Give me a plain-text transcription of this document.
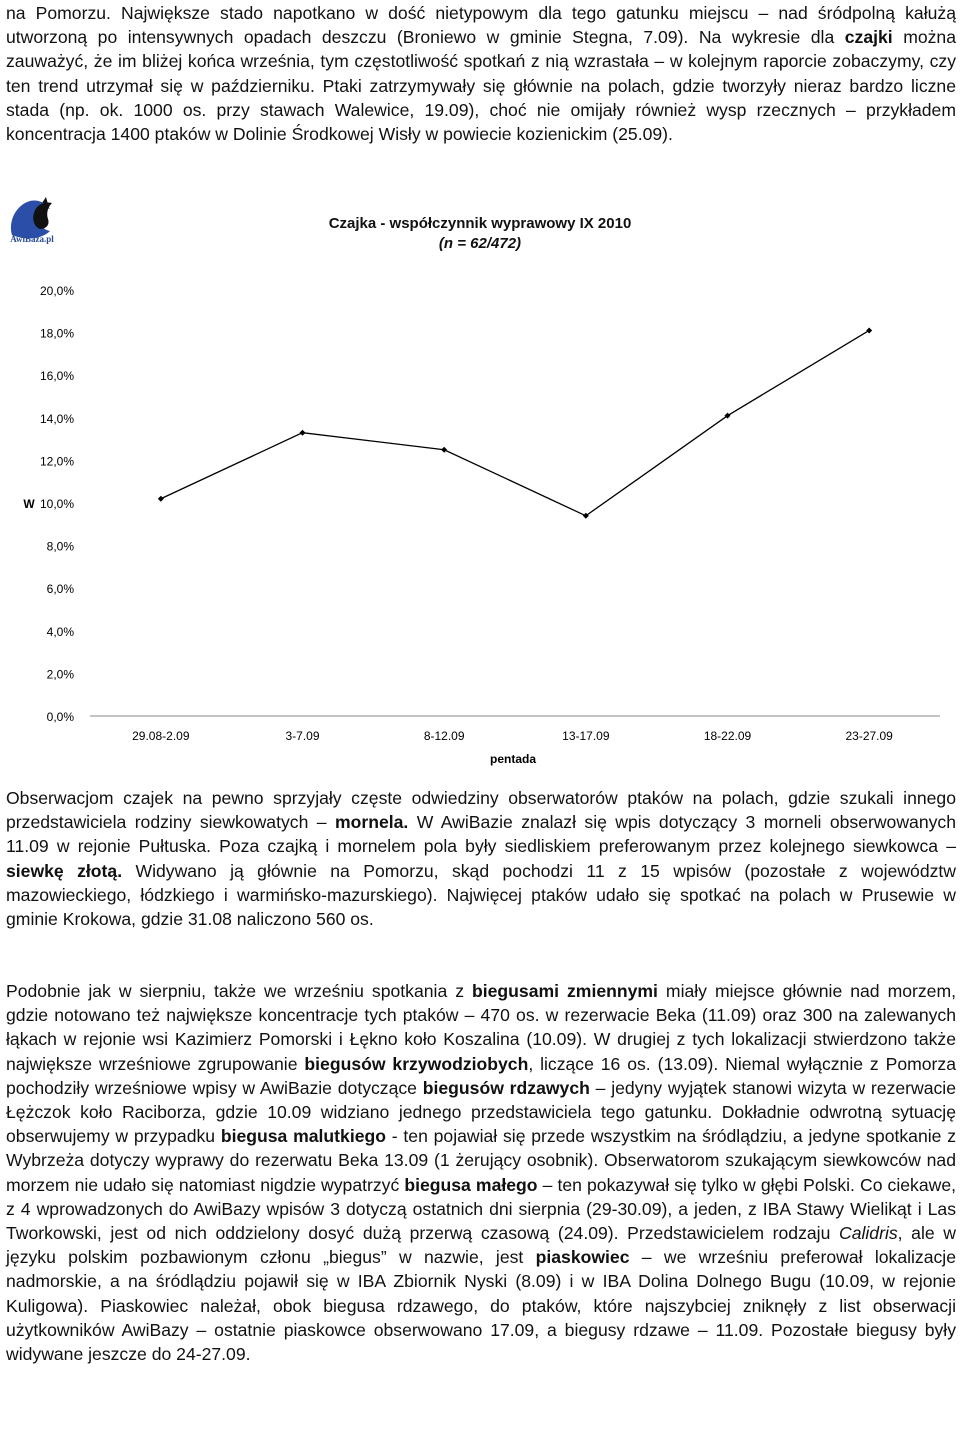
na Pomorzu. Największe stado napotkano w dość nietypowym dla tego gatunku miejscu – nad śródpolną kałużą utworzoną po intensywnych opadach deszczu (Broniewo w gminie Stegna, 7.09). Na wykresie dla czajki można zauważyć, że im bliżej końca września, tym częstotliwość spotkań z nią wzrastała – w kolejnym raporcie zobaczymy, czy ten trend utrzymał się w październiku. Ptaki zatrzymywały się głównie na polach, gdzie tworzyły nieraz bardzo liczne stada (np. ok. 1000 os. przy stawach Walewice, 19.09), choć nie omijały również wysp rzecznych – przykładem koncentracja 1400 ptaków w Dolinie Środkowej Wisły w powiecie kozienickim (25.09).
AwiBaza.pl
Czajka - współczynnik wyprawowy IX 2010
(n = 62/472)
0,0%
2,0%
4,0%
6,0%
8,0%
10,0%
12,0%
14,0%
16,0%
18,0%
20,0%
29.08-2.09	3-7.09	8-12.09	13-17.09	18-22.09	23-27.09
W
pentada
Obserwacjom czajek na pewno sprzyjały częste odwiedziny obserwatorów ptaków na polach, gdzie szukali innego przedstawiciela rodziny siewkowatych – mornela. W AwiBazie znalazł się wpis dotyczący 3 morneli obserwowanych 11.09 w rejonie Pułtuska. Poza czajką i mornelem pola były siedliskiem preferowanym przez kolejnego siewkowca – siewkę złotą. Widywano ją głównie na Pomorzu, skąd pochodzi 11 z 15 wpisów (pozostałe z województw mazowieckiego, łódzkiego i warmińsko-mazurskiego). Najwięcej ptaków udało się spotkać na polach w Prusewie w gminie Krokowa, gdzie 31.08 naliczono 560 os.
Podobnie jak w sierpniu, także we wrześniu spotkania z biegusami zmiennymi miały miejsce głównie nad morzem, gdzie notowano też największe koncentracje tych ptaków – 470 os. w rezerwacie Beka (11.09) oraz 300 na zalewanych łąkach w rejonie wsi Kazimierz Pomorski i Łękno koło Koszalina (10.09). W drugiej z tych lokalizacji stwierdzono także największe wrześniowe zgrupowanie biegusów krzywodziobych, liczące 16 os. (13.09). Niemal wyłącznie z Pomorza pochodziły wrześniowe wpisy w AwiBazie dotyczące biegusów rdzawych – jedyny wyjątek stanowi wizyta w rezerwacie Łężczok koło Raciborza, gdzie 10.09 widziano jednego przedstawiciela tego gatunku. Dokładnie odwrotną sytuację obserwujemy w przypadku biegusa malutkiego - ten pojawiał się przede wszystkim na śródlądziu, a jedyne spotkanie z Wybrzeża dotyczy wyprawy do rezerwatu Beka 13.09 (1 żerujący osobnik). Obserwatorom szukającym siewkowców nad morzem nie udało się natomiast nigdzie wypatrzyć biegusa małego – ten pokazywał się tylko w głębi Polski. Co ciekawe, z 4 wprowadzonych do AwiBazy wpisów 3 dotyczą ostatnich dni sierpnia (29-30.09), a jeden, z IBA Stawy Wielikąt i Las Tworkowski, jest od nich oddzielony dosyć dużą przerwą czasową (24.09). Przedstawicielem rodzaju Calidris, ale w języku polskim pozbawionym członu „biegus” w nazwie, jest piaskowiec – we wrześniu preferował lokalizacje nadmorskie, a na śródlądziu pojawił się w IBA Zbiornik Nyski (8.09) i w IBA Dolina Dolnego Bugu (10.09, w rejonie Kuligowa). Piaskowiec należał, obok biegusa rdzawego, do ptaków, które najszybciej zniknęły z list obserwacji użytkowników AwiBazy – ostatnie piaskowce obserwowano 17.09, a biegusy rdzawe – 11.09. Pozostałe biegusy były widywane jeszcze do 24-27.09.
